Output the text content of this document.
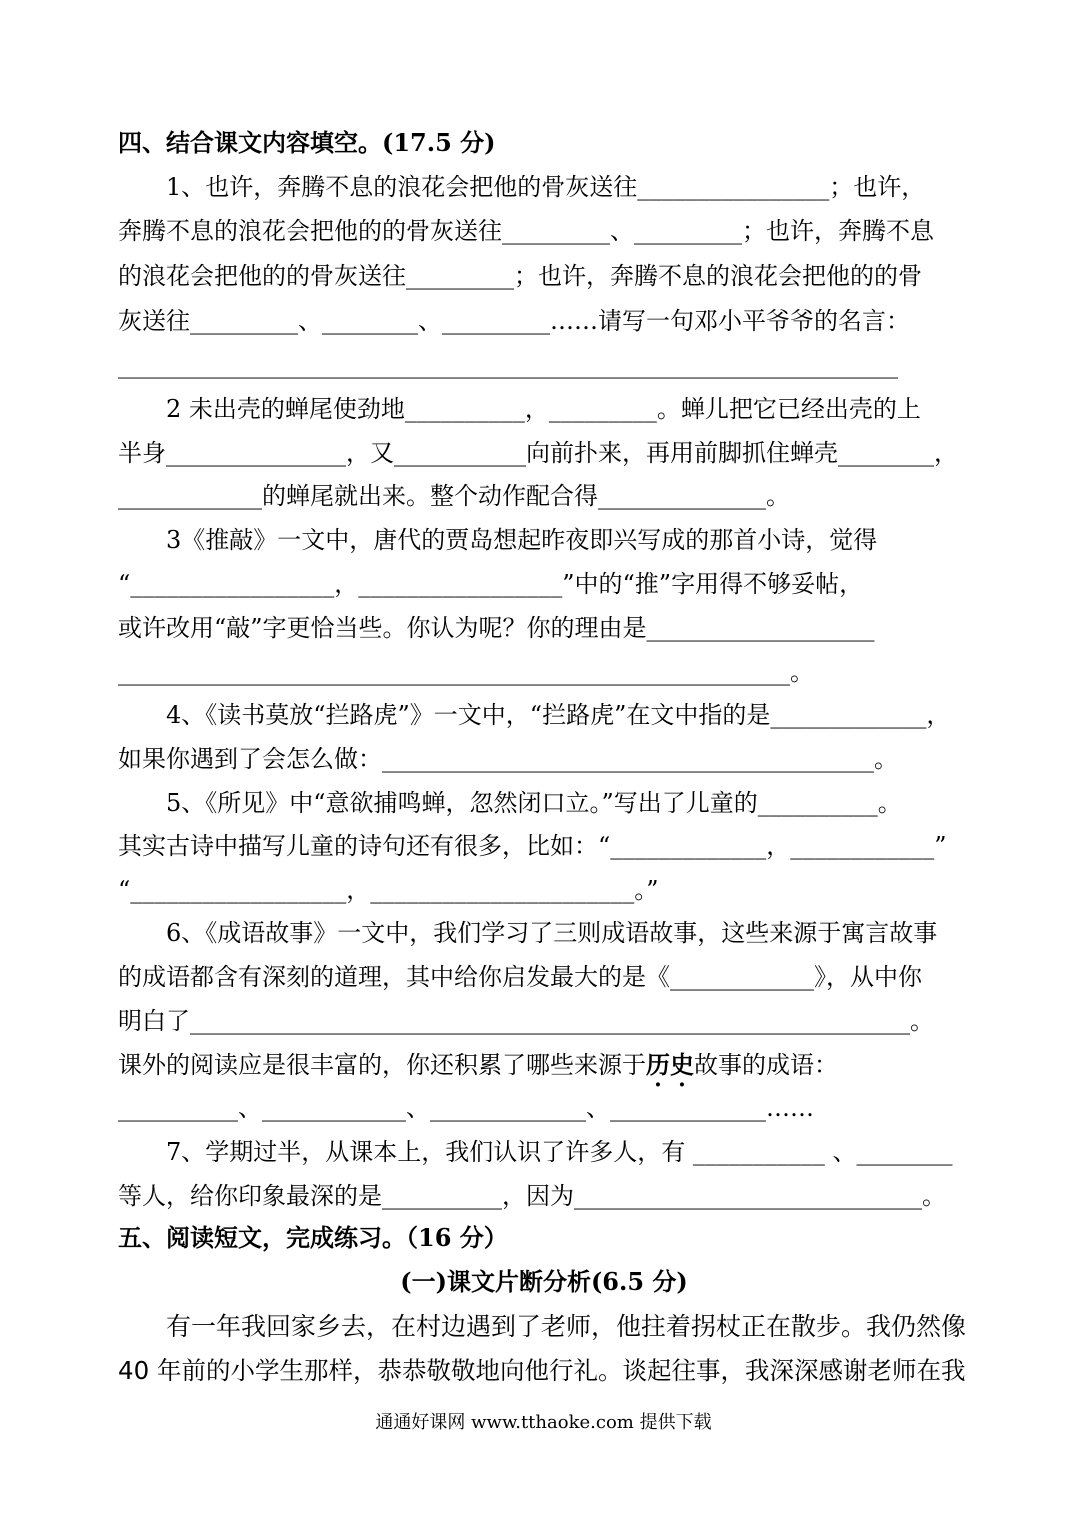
四、结合课文内容填空。(17.5 分)
1、也许，奔腾不息的浪花会把他的骨灰送往________________；也许，
奔腾不息的浪花会把他的的骨灰送往_________、_________；也许，奔腾不息
的浪花会把他的的骨灰送往_________；也许，奔腾不息的浪花会把他的的骨
灰送往_________、________、_________……请写一句邓小平爷爷的名言：
_________________________________________________________________
2 未出壳的蝉尾使劲地__________，_________。蝉儿把它已经出壳的上
半身_______________，又___________向前扑来，再用前脚抓住蝉壳________，
____________的蝉尾就出来。整个动作配合得______________。
3《推敲》一文中，唐代的贾岛想起昨夜即兴写成的那首小诗，觉得
“_________________，_________________”中的“推”字用得不够妥帖，
或许改用“敲”字更恰当些。你认为呢？你的理由是___________________
________________________________________________________。
4、《读书莫放“拦路虎”》一文中，“拦路虎”在文中指的是_____________，
如果你遇到了会怎么做：_________________________________________。
5、《所见》中“意欲捕鸣蝉，忽然闭口立。”写出了儿童的__________。
其实古诗中描写儿童的诗句还有很多，比如：“_____________，____________”
“__________________，______________________。”
6、《成语故事》一文中，我们学习了三则成语故事，这些来源于寓言故事
的成语都含有深刻的道理，其中给你启发最大的是《____________》，从中你
明白了____________________________________________________________。
课外的阅读应是很丰富的，你还积累了哪些来源于历史故事的成语：
__________、____________、_____________、_____________……
7、学期过半，从课本上，我们认识了许多人，有 ___________ 、________
等人，给你印象最深的是__________，因为_____________________________。
五、阅读短文，完成练习。（16 分）
(一)课文片断分析(6.5 分)
有一年我回家乡去，在村边遇到了老师，他拄着拐杖正在散步。我仍然像
40 年前的小学生那样，恭恭敬敬地向他行礼。谈起往事，我深深感谢老师在我
通通好课网 www.tthaoke.com 提供下载
